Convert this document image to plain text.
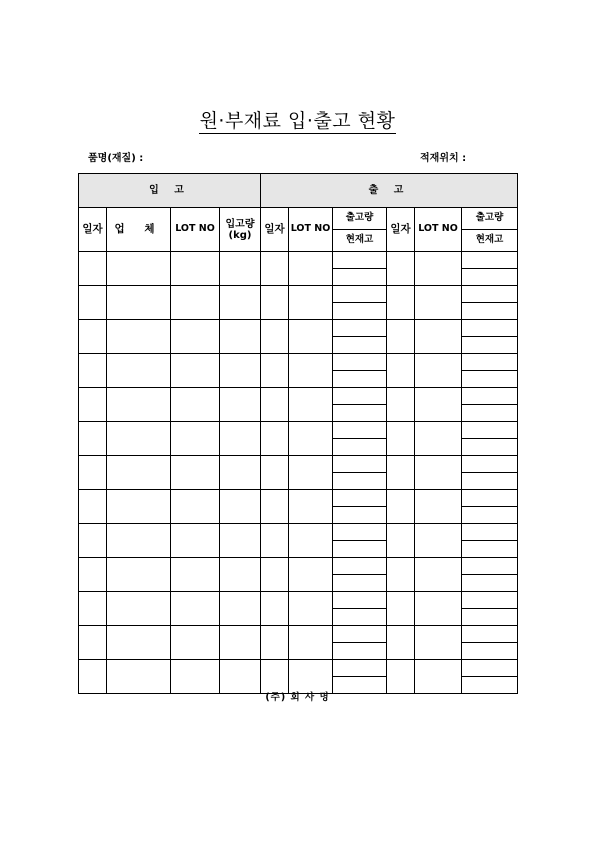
원·부재료 입·출고 현황
품명(재질) :	적재위치 :
입 고				출 고					
일자	업 체	LOT NO	입고량 (kg)	일자	LOT NO	출고량	일자	LOT NO	출고량
						현재고			현재고

(주) 회 사 명
